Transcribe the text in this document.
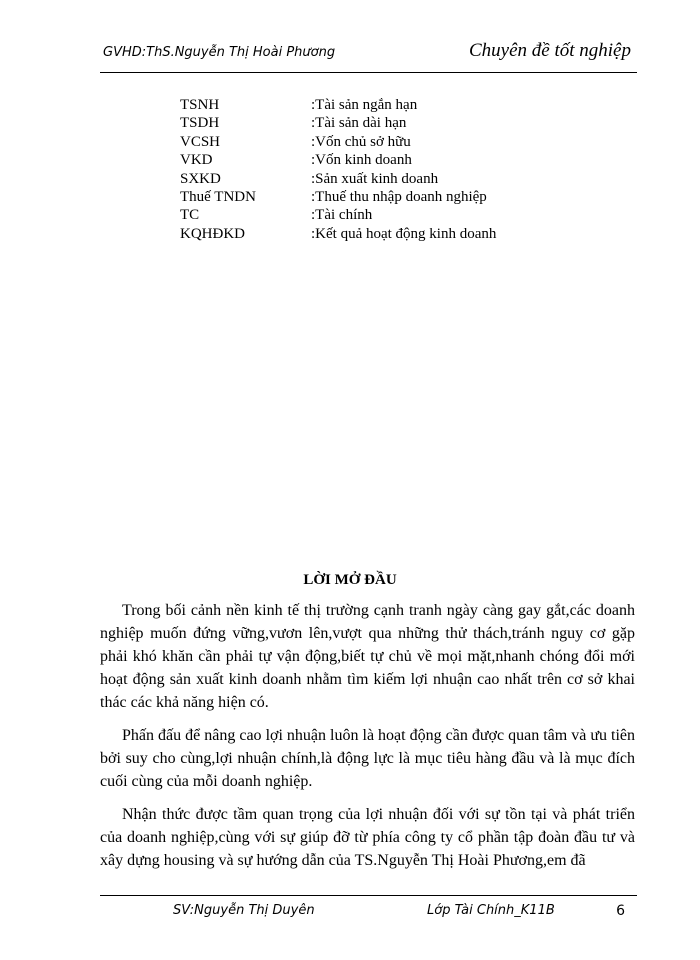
GVHD:ThS.Nguyễn Thị Hoài Phương	Chuyên đề tốt nghiệp
TSNH	:Tài sản ngắn hạn
TSDH	:Tài sản dài hạn
VCSH	:Vốn chủ sở hữu
VKD	:Vốn kinh doanh
SXKD	:Sản xuất kinh doanh
Thuế TNDN	:Thuế thu nhập doanh nghiệp
TC	:Tài chính
KQHĐKD	:Kết quả hoạt động kinh doanh
LỜI MỞ ĐẦU

Trong bối cảnh nền kinh tế thị trường cạnh tranh ngày càng gay gắt,các doanh nghiệp muốn đứng vững,vươn lên,vượt qua những thử thách,tránh nguy cơ gặp phải khó khăn cần phải tự vận động,biết tự chủ về mọi mặt,nhanh chóng đổi mới hoạt động sản xuất kinh doanh nhằm tìm kiếm lợi nhuận cao nhất trên cơ sở khai thác các khả năng hiện có.

Phấn đấu để nâng cao lợi nhuận luôn là hoạt động cần được quan tâm và ưu tiên bởi suy cho cùng,lợi nhuận chính,là động lực là mục tiêu hàng đầu và là mục đích cuối cùng của mỗi doanh nghiệp.

Nhận thức được tầm quan trọng của lợi nhuận đối với sự tồn tại và phát triển của doanh nghiệp,cùng với sự giúp đỡ từ phía công ty cổ phần tập đoàn đầu tư và xây dựng housing và sự hướng dẫn của TS.Nguyễn Thị Hoài Phương,em đã

SV:Nguyễn Thị Duyên	Lớp Tài Chính_K11B	6
